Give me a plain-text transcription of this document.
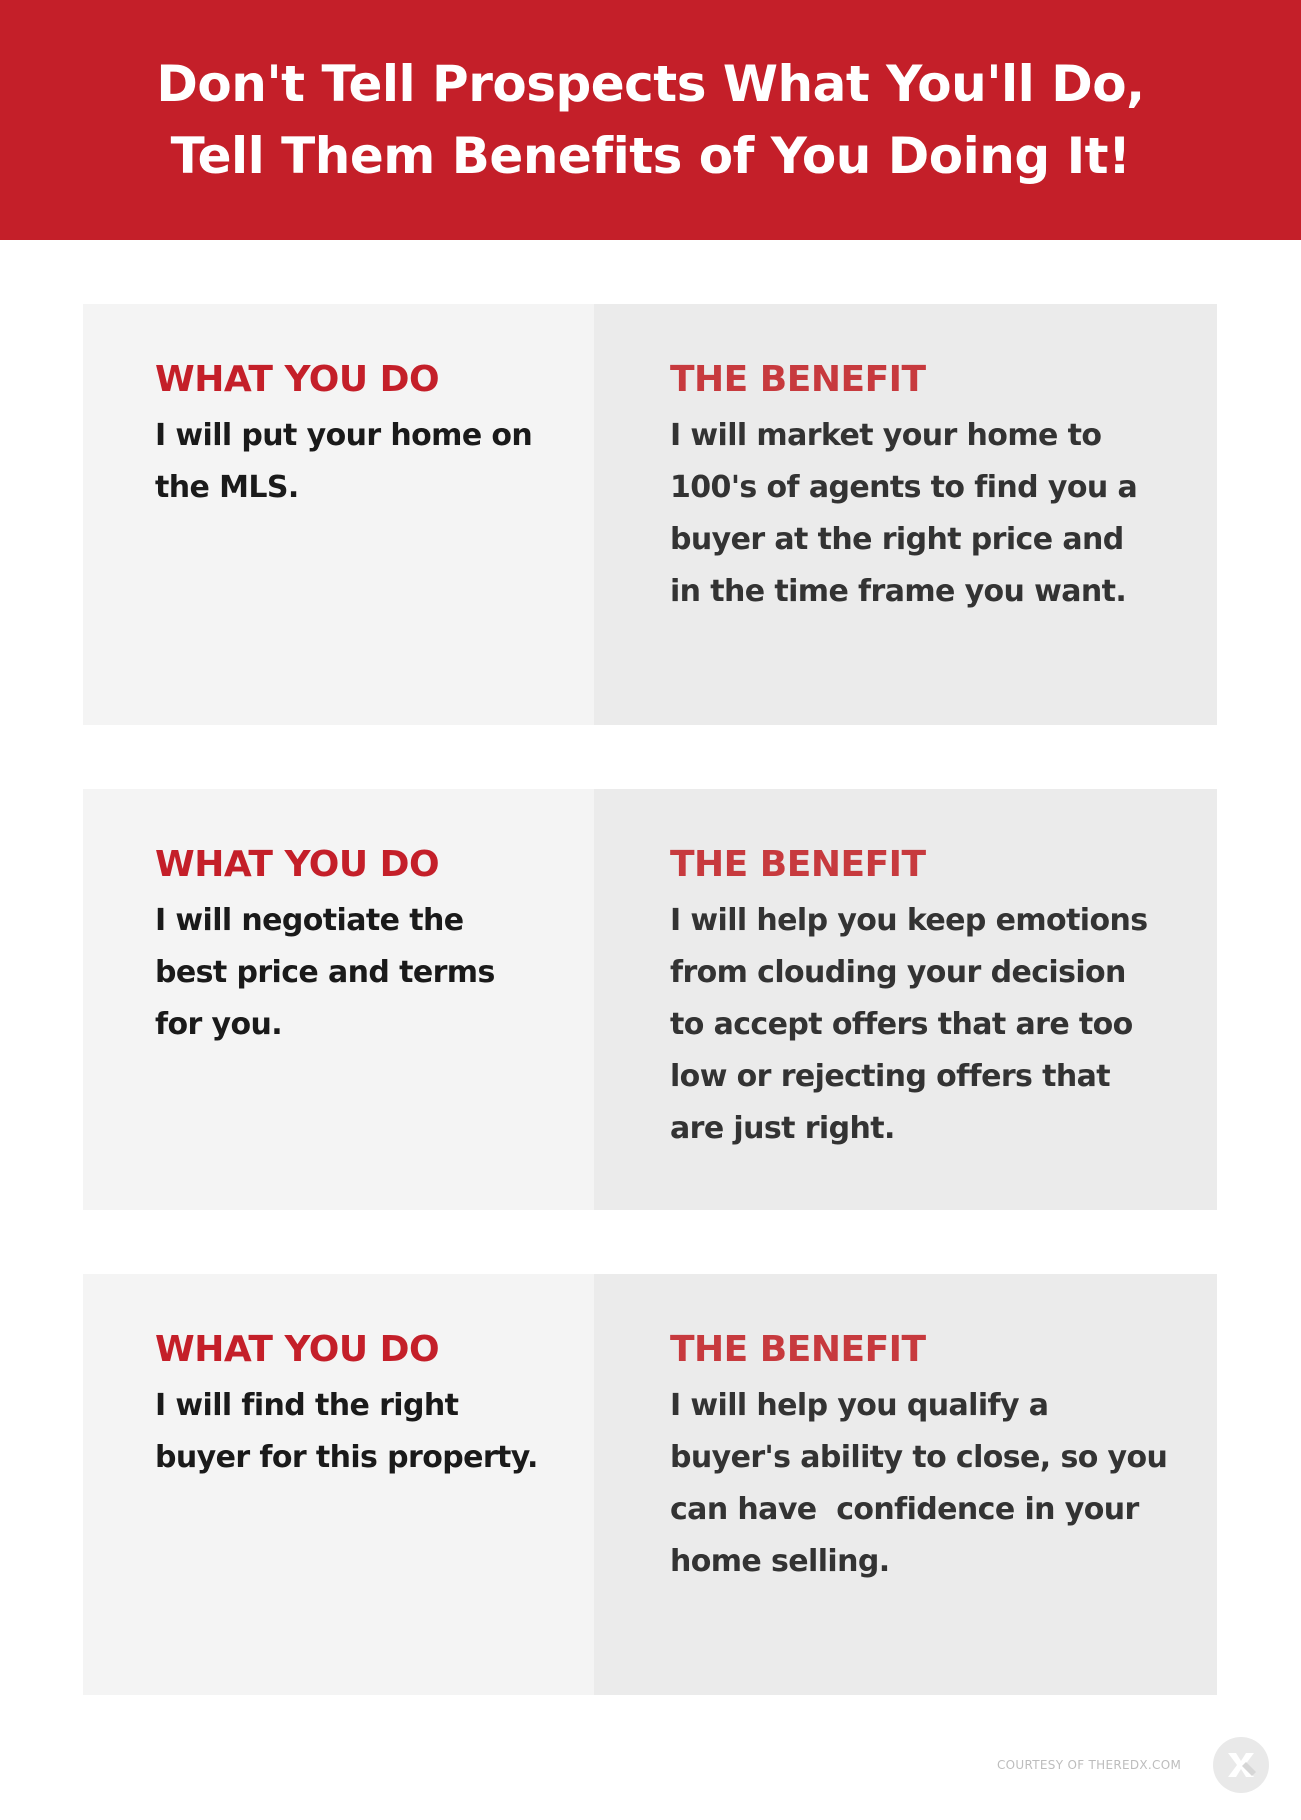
Don't Tell Prospects What You'll Do,
Tell Them Benefits of You Doing It!
WHAT YOU DO
I will put your home on
the MLS.
THE BENEFIT
I will market your home to
100's of agents to find you a
buyer at the right price and
in the time frame you want.
WHAT YOU DO
I will negotiate the
best price and terms
for you.
THE BENEFIT
I will help you keep emotions
from clouding your decision
to accept offers that are too
low or rejecting offers that
are just right.
WHAT YOU DO
I will find the right
buyer for this property.
THE BENEFIT
I will help you qualify a
buyer's ability to close, so you
can have  confidence in your
home selling.
COURTESY OF THEREDX.COM
